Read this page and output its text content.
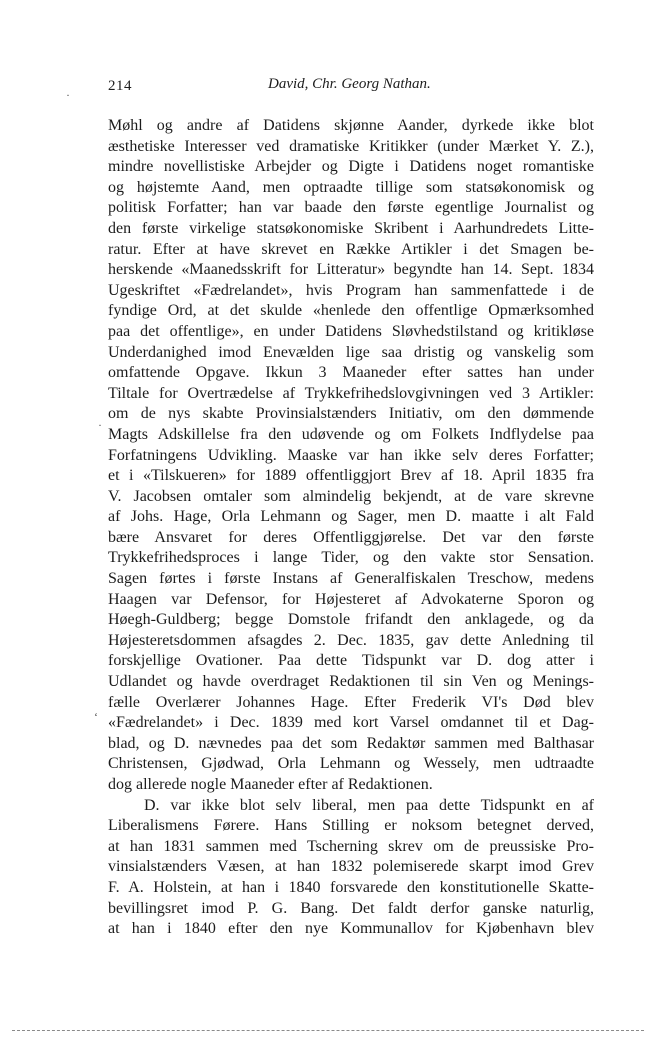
214	David, Chr. Georg Nathan.
·
·
‘
Møhl og andre af Datidens skjønne Aander, dyrkede ikke blot
æsthetiske Interesser ved dramatiske Kritikker (under Mærket Y. Z.),
mindre novellistiske Arbejder og Digte i Datidens noget romantiske
og højstemte Aand, men optraadte tillige som statsøkonomisk og
politisk Forfatter; han var baade den første egentlige Journalist og
den første virkelige statsøkonomiske Skribent i Aarhundredets Litte-
ratur. Efter at have skrevet en Række Artikler i det Smagen be-
herskende «Maanedsskrift for Litteratur» begyndte han 14. Sept. 1834
Ugeskriftet «Fædrelandet», hvis Program han sammenfattede i de
fyndige Ord, at det skulde «henlede den offentlige Opmærksomhed
paa det offentlige», en under Datidens Sløvhedstilstand og kritikløse
Underdanighed imod Enevælden lige saa dristig og vanskelig som
omfattende Opgave. Ikkun 3 Maaneder efter sattes han under
Tiltale for Overtrædelse af Trykkefrihedslovgivningen ved 3 Artikler:
om de nys skabte Provinsialstænders Initiativ, om den dømmende
Magts Adskillelse fra den udøvende og om Folkets Indflydelse paa
Forfatningens Udvikling. Maaske var han ikke selv deres Forfatter;
et i «Tilskueren» for 1889 offentliggjort Brev af 18. April 1835 fra
V. Jacobsen omtaler som almindelig bekjendt, at de vare skrevne
af Johs. Hage, Orla Lehmann og Sager, men D. maatte i alt Fald
bære Ansvaret for deres Offentliggjørelse. Det var den første
Trykkefrihedsproces i lange Tider, og den vakte stor Sensation.
Sagen førtes i første Instans af Generalfiskalen Treschow, medens
Haagen var Defensor, for Højesteret af Advokaterne Sporon og
Høegh-Guldberg; begge Domstole frifandt den anklagede, og da
Højesteretsdommen afsagdes 2. Dec. 1835, gav dette Anledning til
forskjellige Ovationer. Paa dette Tidspunkt var D. dog atter i
Udlandet og havde overdraget Redaktionen til sin Ven og Menings-
fælle Overlærer Johannes Hage. Efter Frederik VI's Død blev
«Fædrelandet» i Dec. 1839 med kort Varsel omdannet til et Dag-
blad, og D. nævnedes paa det som Redaktør sammen med Balthasar
Christensen, Gjødwad, Orla Lehmann og Wessely, men udtraadte
dog allerede nogle Maaneder efter af Redaktionen.
D. var ikke blot selv liberal, men paa dette Tidspunkt en af
Liberalismens Førere. Hans Stilling er noksom betegnet derved,
at han 1831 sammen med Tscherning skrev om de preussiske Pro-
vinsialstænders Væsen, at han 1832 polemiserede skarpt imod Grev
F. A. Holstein, at han i 1840 forsvarede den konstitutionelle Skatte-
bevillingsret imod P. G. Bang. Det faldt derfor ganske naturlig,
at han i 1840 efter den nye Kommunallov for Kjøbenhavn blev
